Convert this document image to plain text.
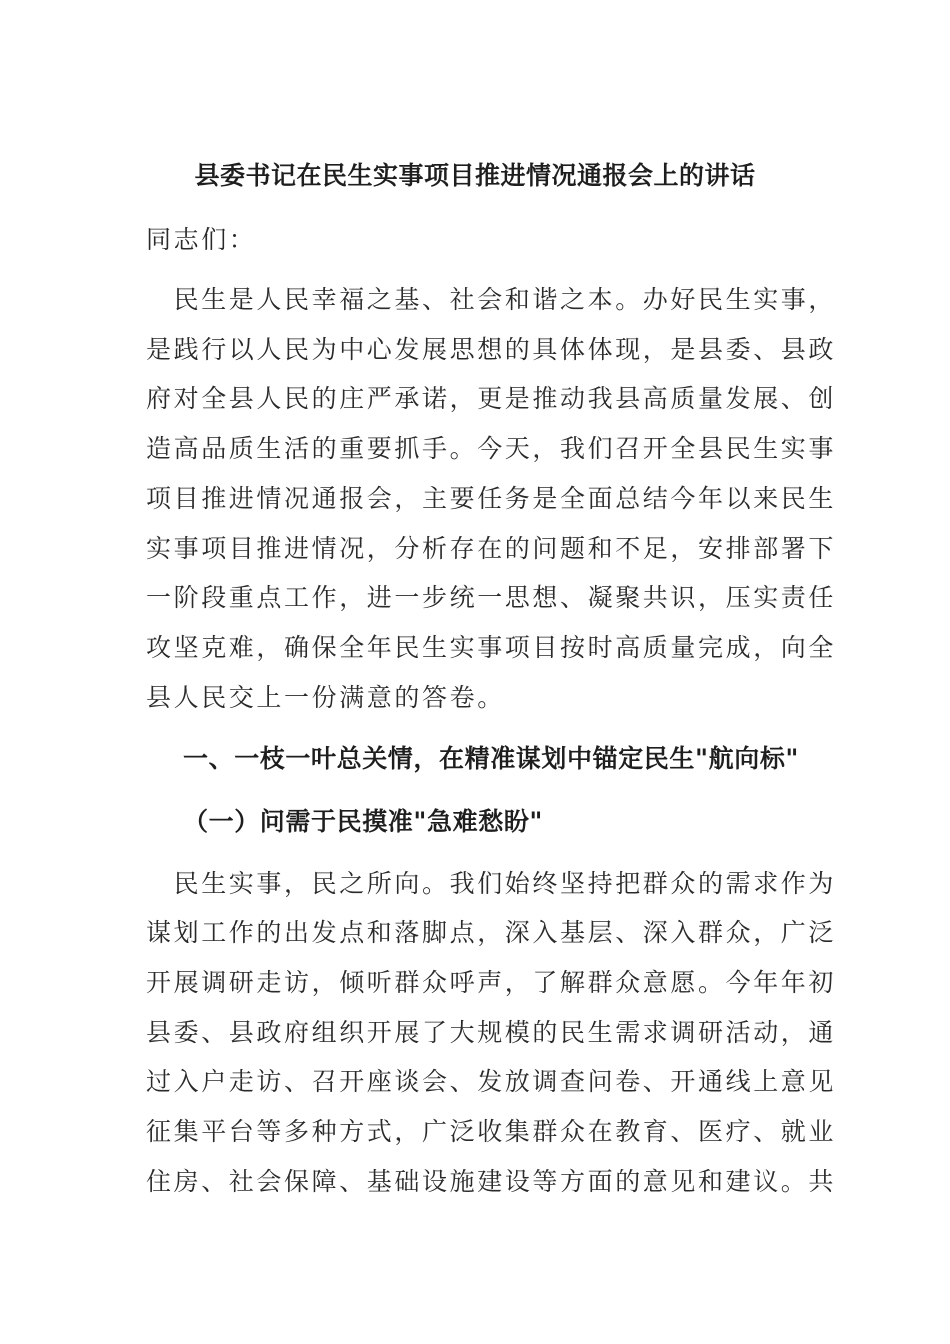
县委书记在民生实事项目推进情况通报会上的讲话
同志们：
　民生是人民幸福之基、社会和谐之本。办好民生实事，
是践行以人民为中心发展思想的具体体现，是县委、县政
府对全县人民的庄严承诺，更是推动我县高质量发展、创
造高品质生活的重要抓手。今天，我们召开全县民生实事
项目推进情况通报会，主要任务是全面总结今年以来民生
实事项目推进情况，分析存在的问题和不足，安排部署下
一阶段重点工作，进一步统一思想、凝聚共识，压实责任
攻坚克难，确保全年民生实事项目按时高质量完成，向全
县人民交上一份满意的答卷。
一、一枝一叶总关情，在精准谋划中锚定民生"航向标"
（一）问需于民摸准"急难愁盼"
　民生实事，民之所向。我们始终坚持把群众的需求作为
谋划工作的出发点和落脚点，深入基层、深入群众，广泛
开展调研走访，倾听群众呼声，了解群众意愿。今年年初
县委、县政府组织开展了大规模的民生需求调研活动，通
过入户走访、召开座谈会、发放调查问卷、开通线上意见
征集平台等多种方式，广泛收集群众在教育、医疗、就业
住房、社会保障、基础设施建设等方面的意见和建议。共
